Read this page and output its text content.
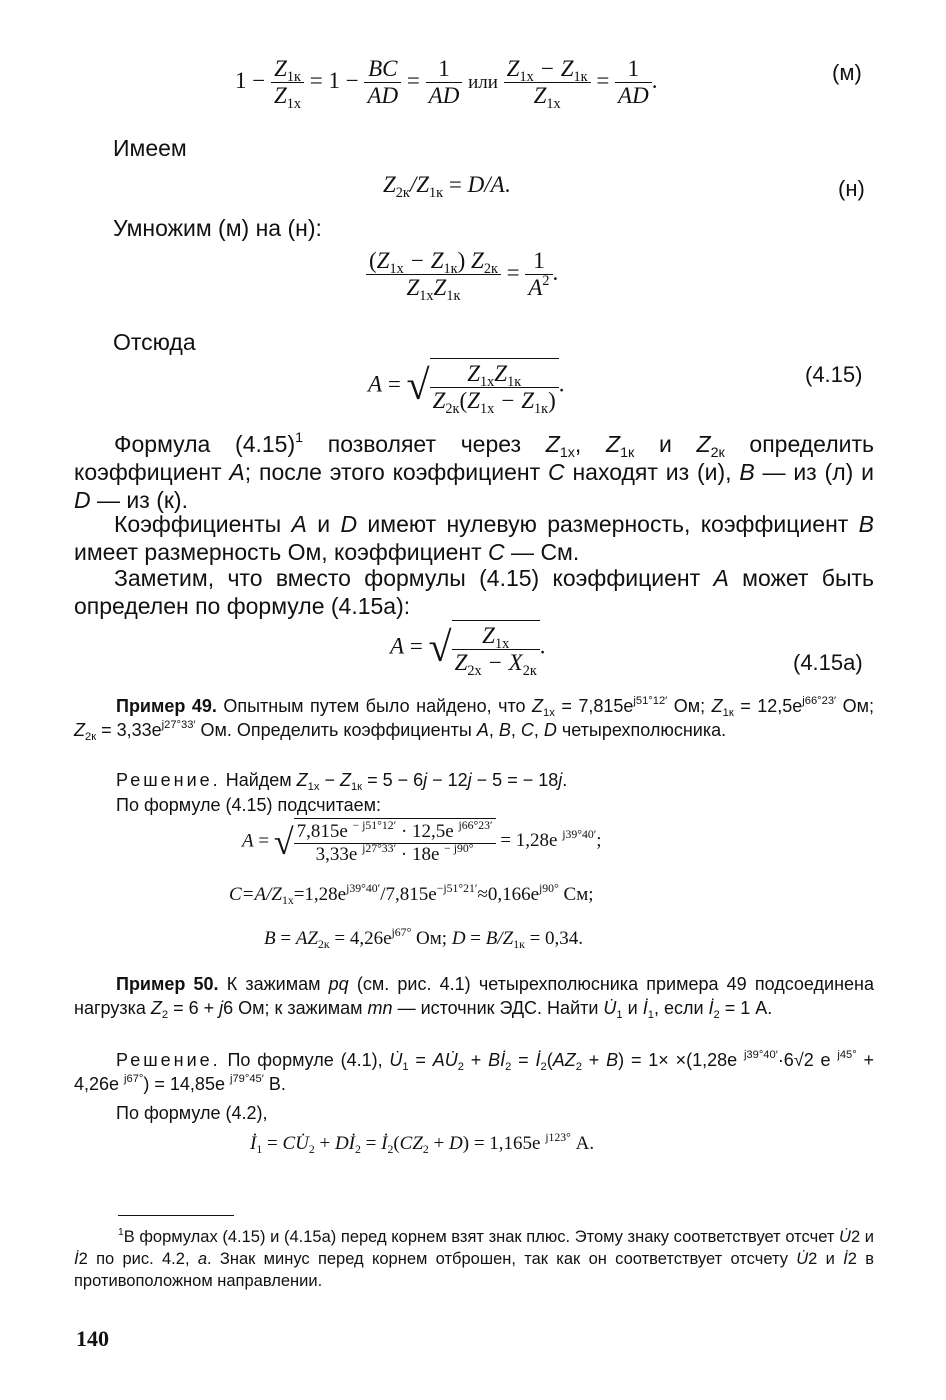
$1 - \frac{Z_{1к}}{Z_{1х}} = 1 - \frac{BC}{AD} = \frac{1}{AD}$ или $\frac{Z_{1х} - Z_{1к}}{Z_{1х}} = \frac{1}{AD}$ .	(м)
Имеем
$Z_{2к}/Z_{1к} = D/A$.	(н)
Умножим (м) на (н):
$\frac{(Z_{1х} - Z_{1к}) Z_{2к}}{Z_{1х}Z_{1к}} = \frac{1}{A^2}$ .
Отсюда
A = √ $\frac{Z_{1х}Z_{1к}}{Z_{2к}(Z_{1х} - Z_{1к})}$ .	(4.15)
Формула $(4.15)^1$ позволяет через $Z_{1х}$, $Z_{1к}$ и $Z_{2к}$ определить коэффициент A; после этого коэффициент C находят из (и), B — из (л) и D — из (к).
Коэффициенты A и D имеют нулевую размерность, коэффициент B имеет размерность Ом, коэффициент C — См.
Заметим, что вместо формулы (4.15) коэффициент A может быть определен по формуле (4.15а):
A = √ $\frac{Z_{1х}}{Z_{2х} - X_{2к}}$ .
(4.15а)
Пример 49. Опытным путем было найдено, что $Z_{1х} = 7,815e^{j51^\circ 12'}$ Ом; $Z_{1к} = 12,5e^{j66^\circ 23'}$ Ом; $Z_{2к} = 3,33e^{j27^\circ 33'}$ Ом. Определить коэффициенты A, B, C, D четырехполюсника.
Решение. Найдем $Z_{1х} - Z_{1к} = 5 - 6j - 12j - 5$ = − 18j.
По формуле (4.15) подсчитаем:
A = √ $\frac{7,815e ^{- j51^\circ 12'} \cdot 12,5e ^{j66^\circ 23'}}{3,33e ^{j27^\circ 33'} \cdot 18e ^{- j90^\circ}} = 1,28e$ $^{j39^\circ 40'}$;
$C=A/Z_{1х}=1,28e^{j39^\circ 40'}/7,815e^{-j51^\circ 21'}\approx 0,166e^{j90^\circ}$ См;
$B = AZ_{2к} = 4,26e^{j67^\circ}$ Ом; $D = B/Z_{1к} = 0,34$.
Пример 50. К зажимам pq (см. рис. 4.1) четырехполюсника примера 49 подсоединена нагрузка $Z_2 = 6 + j6$ Ом; к зажимам mn — источник ЭДС. Найти $U̇_1$ и $İ_1$, если $İ_2 = 1$ А.
Решение. По формуле (4.1), $U̇_1$ = $AU̇_2$ + $Bİ_2$ = $İ_2(AZ_2 + B) = 1\times \times(1,28e$ $^{j39^\circ 40'}$·6√2 e $^{j45^\circ}$ + 4,26e $^{j67^\circ}$) = 14,85e $^{j79^\circ 45'}$ В.
По формуле (4.2),
$İ_1$ = $CU̇_2$ + $Dİ_2$ = $İ_2(CZ_2 + D) = 1,165e$ $^{j123^\circ}$ А.
$^1$В формулах (4.15) и (4.15а) перед корнем взят знак плюс. Этому знаку соответствует отсчет U̇2 и İ2 по рис. 4.2, а. Знак минус перед корнем отброшен, так как он соответствует отсчету U̇2 и İ2 в противоположном направлении.
140
